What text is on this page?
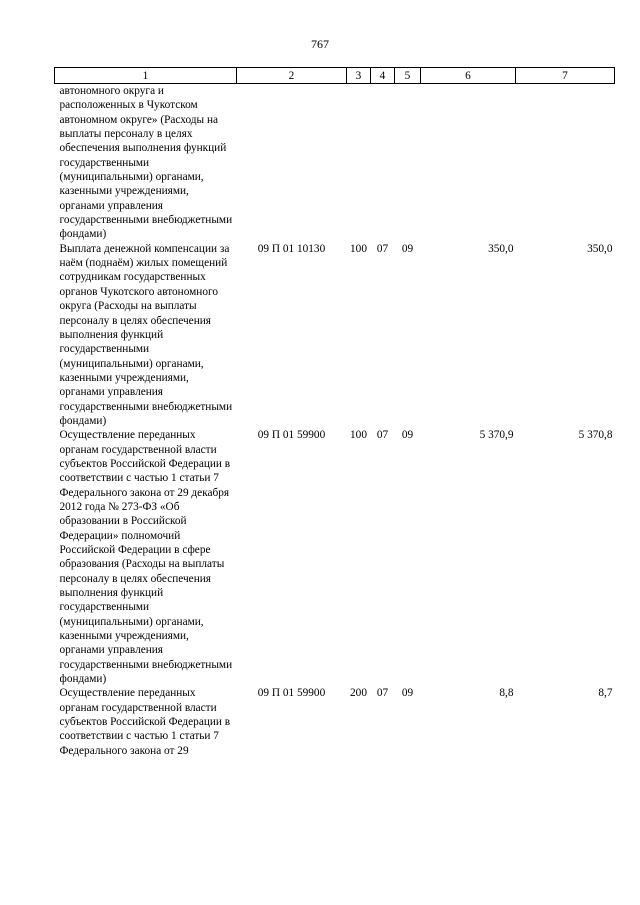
767
1	2	3	4	5	6	7
автономного округа и расположенных в Чукотском автономном округе» (Расходы на выплаты персоналу в целях обеспечения выполнения функций государственными (муниципальными) органами, казенными учреждениями, органами управления государственными внебюджетными фондами)						
Выплата денежной компенсации за наём (поднаём) жилых помещений сотрудникам государственных органов Чукотского автономного округа (Расходы на выплаты персоналу в целях обеспечения выполнения функций государственными (муниципальными) органами, казенными учреждениями, органами управления государственными внебюджетными фондами)	09 П 01 10130	100	07	09	350,0	350,0
Осуществление переданных органам государственной власти субъектов Российской Федерации в соответствии с частью 1 статьи 7 Федерального закона от 29 декабря 2012 года № 273-ФЗ «Об образовании в Российской Федерации» полномочий Российской Федерации в сфере образования (Расходы на выплаты персоналу в целях обеспечения выполнения функций государственными (муниципальными) органами, казенными учреждениями, органами управления государственными внебюджетными фондами)	09 П 01 59900	100	07	09	5 370,9	5 370,8
Осуществление переданных органам государственной власти субъектов Российской Федерации в соответствии с частью 1 статьи 7 Федерального закона от 29	09 П 01 59900	200	07	09	8,8	8,7
